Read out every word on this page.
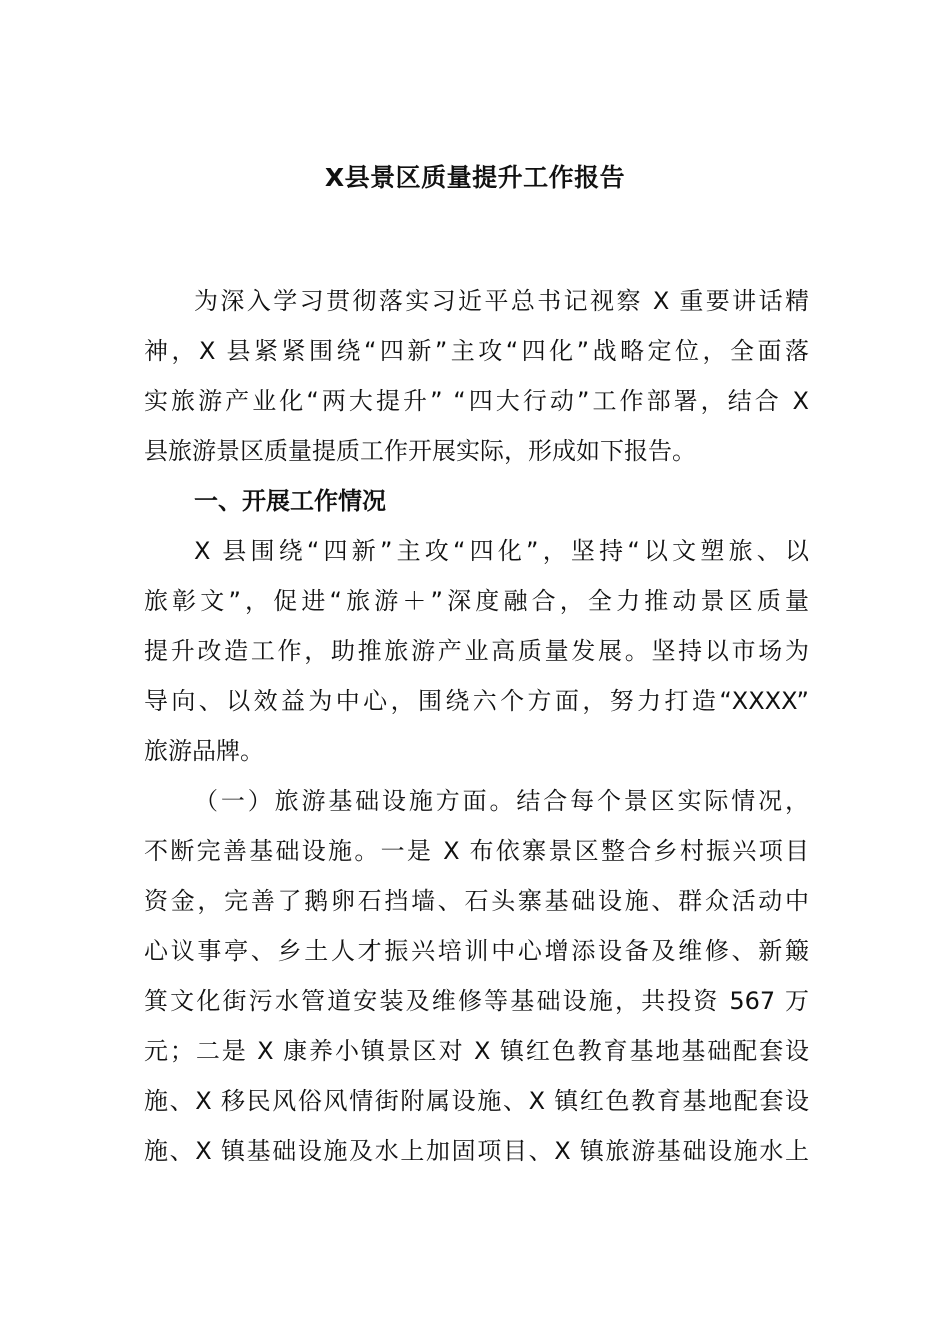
X县景区质量提升工作报告
为深入学习贯彻落实习近平总书记视察 X 重要讲话精
神，X 县紧紧围绕“四新”主攻“四化”战略定位，全面落
实旅游产业化“两大提升” “四大行动”工作部署，结合 X
县旅游景区质量提质工作开展实际，形成如下报告。
一、开展工作情况
X 县围绕“四新”主攻“四化”，坚持“以文塑旅、以
旅彰文”，促进“旅游＋”深度融合，全力推动景区质量
提升改造工作，助推旅游产业高质量发展。坚持以市场为
导向、以效益为中心，围绕六个方面，努力打造“XXXX”
旅游品牌。
（一）旅游基础设施方面。结合每个景区实际情况，
不断完善基础设施。一是 X 布依寨景区整合乡村振兴项目
资金，完善了鹅卵石挡墙、石头寨基础设施、群众活动中
心议事亭、乡土人才振兴培训中心增添设备及维修、新簸
箕文化街污水管道安装及维修等基础设施，共投资 567 万
元；二是 X 康养小镇景区对 X 镇红色教育基地基础配套设
施、X 移民风俗风情街附属设施、X 镇红色教育基地配套设
施、X 镇基础设施及水上加固项目、X 镇旅游基础设施水上
